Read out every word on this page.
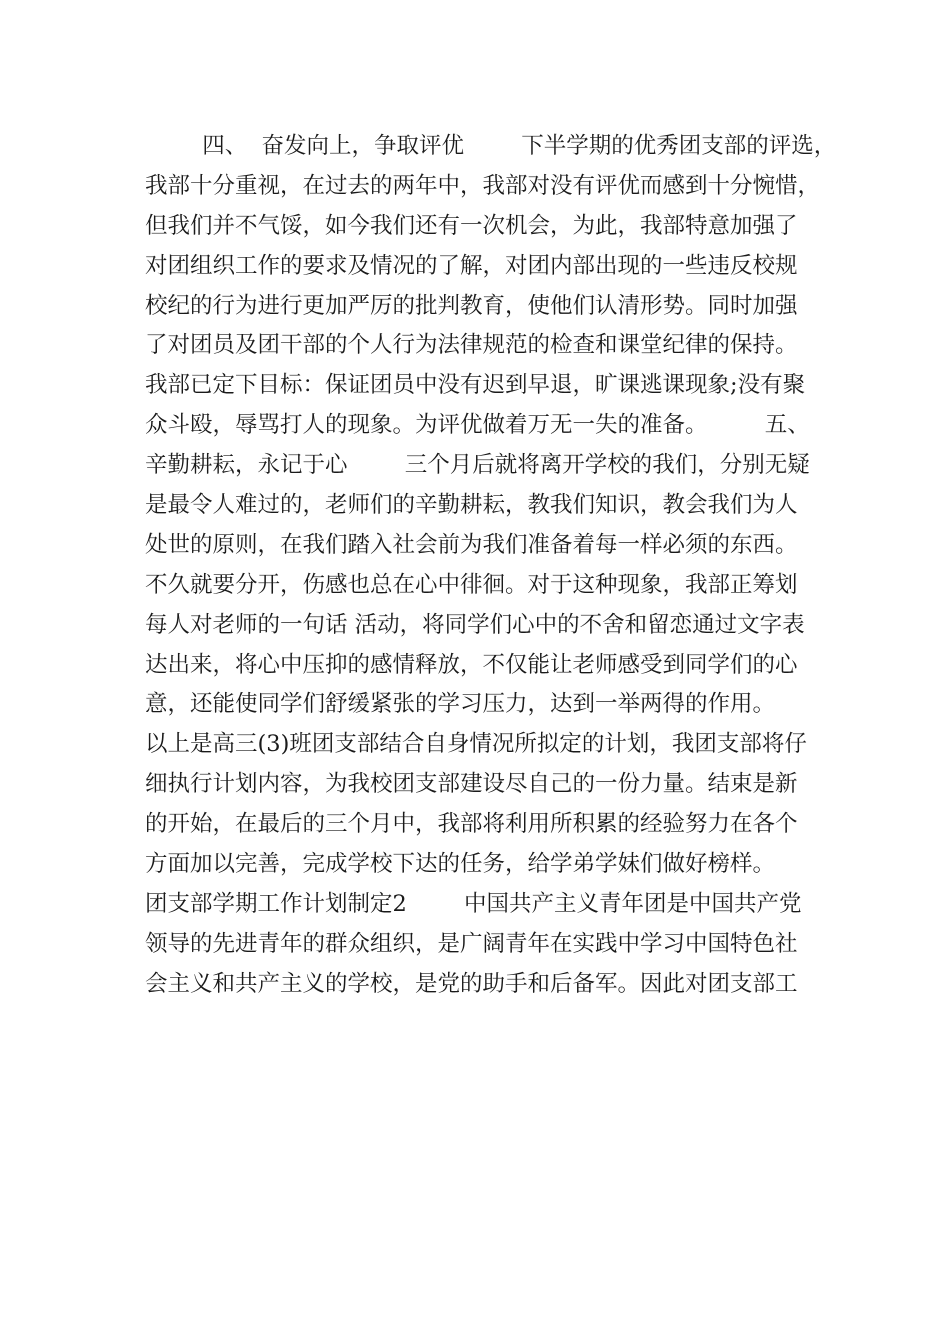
四、  奋发向上，争取评优        下半学期的优秀团支部的评选，

我部十分重视，在过去的两年中，我部对没有评优而感到十分惋惜，

但我们并不气馁，如今我们还有一次机会，为此，我部特意加强了

对团组织工作的要求及情况的了解，对团内部出现的一些违反校规

校纪的行为进行更加严厉的批判教育，使他们认清形势。同时加强

了对团员及团干部的个人行为法律规范的检查和课堂纪律的保持。

我部已定下目标：保证团员中没有迟到早退，旷课逃课现象;没有聚

众斗殴，辱骂打人的现象。为评优做着万无一失的准备。        五、

辛勤耕耘，永记于心        三个月后就将离开学校的我们，分别无疑

是最令人难过的，老师们的辛勤耕耘，教我们知识，教会我们为人

处世的原则，在我们踏入社会前为我们准备着每一样必须的东西。

不久就要分开，伤感也总在心中徘徊。对于这种现象，我部正筹划

每人对老师的一句话 活动，将同学们心中的不舍和留恋通过文字表

达出来，将心中压抑的感情释放，不仅能让老师感受到同学们的心

意，还能使同学们舒缓紧张的学习压力，达到一举两得的作用。

以上是高三(3)班团支部结合自身情况所拟定的计划，我团支部将仔

细执行计划内容，为我校团支部建设尽自己的一份力量。结束是新

的开始，在最后的三个月中，我部将利用所积累的经验努力在各个

方面加以完善，完成学校下达的任务，给学弟学妹们做好榜样。

团支部学期工作计划制定2        中国共产主义青年团是中国共产党

领导的先进青年的群众组织，是广阔青年在实践中学习中国特色社

会主义和共产主义的学校，是党的助手和后备军。因此对团支部工
